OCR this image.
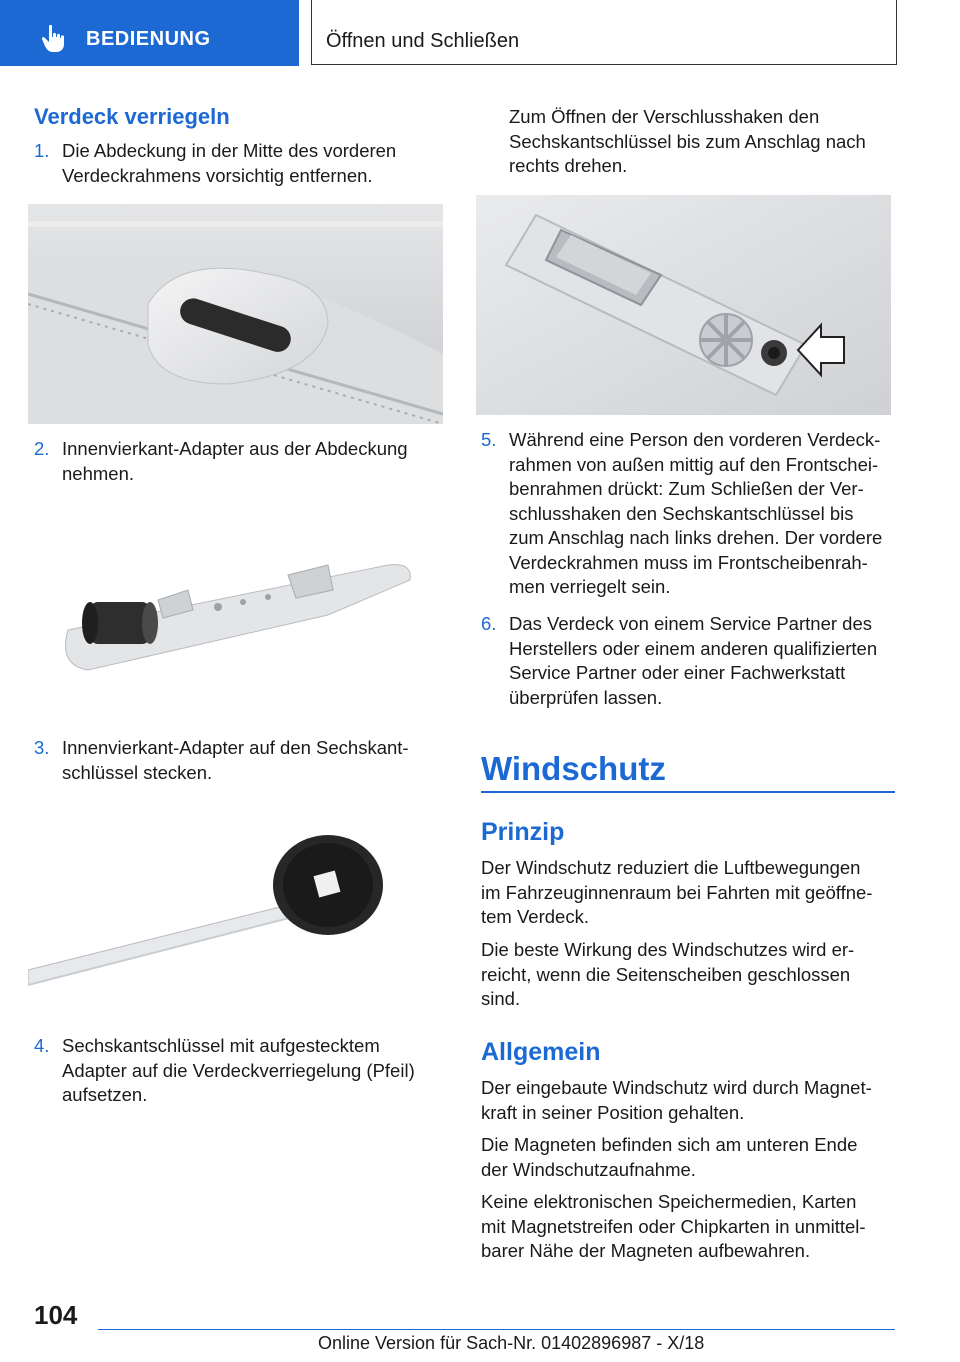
BEDIENUNG	Öffnen und Schließen
Verdeck verriegeln
1. Die Abdeckung in der Mitte des vorderen
Verdeckrahmens vorsichtig entfernen.
2. Innenvierkant-Adapter aus der Abdeckung
nehmen.
3. Innenvierkant-Adapter auf den Sechskant-
schlüssel stecken.
4. Sechskantschlüssel mit aufgestecktem
Adapter auf die Verdeckverriegelung (Pfeil)
aufsetzen.
Zum Öffnen der Verschlusshaken den
Sechskantschlüssel bis zum Anschlag nach
rechts drehen.
5. Während eine Person den vorderen Verdeck-
rahmen von außen mittig auf den Frontschei-
benrahmen drückt: Zum Schließen der Ver-
schlusshaken den Sechskantschlüssel bis
zum Anschlag nach links drehen. Der vordere
Verdeckrahmen muss im Frontscheibenrah-
men verriegelt sein.
6. Das Verdeck von einem Service Partner des
Herstellers oder einem anderen qualifizierten
Service Partner oder einer Fachwerkstatt
überprüfen lassen.
Windschutz
Prinzip
Der Windschutz reduziert die Luftbewegungen
im Fahrzeuginnenraum bei Fahrten mit geöffne-
tem Verdeck.
Die beste Wirkung des Windschutzes wird er-
reicht, wenn die Seitenscheiben geschlossen
sind.
Allgemein
Der eingebaute Windschutz wird durch Magnet-
kraft in seiner Position gehalten.
Die Magneten befinden sich am unteren Ende
der Windschutzaufnahme.
Keine elektronischen Speichermedien, Karten
mit Magnetstreifen oder Chipkarten in unmittel-
barer Nähe der Magneten aufbewahren.
104
Online Version für Sach-Nr. 01402896987 - X/18
